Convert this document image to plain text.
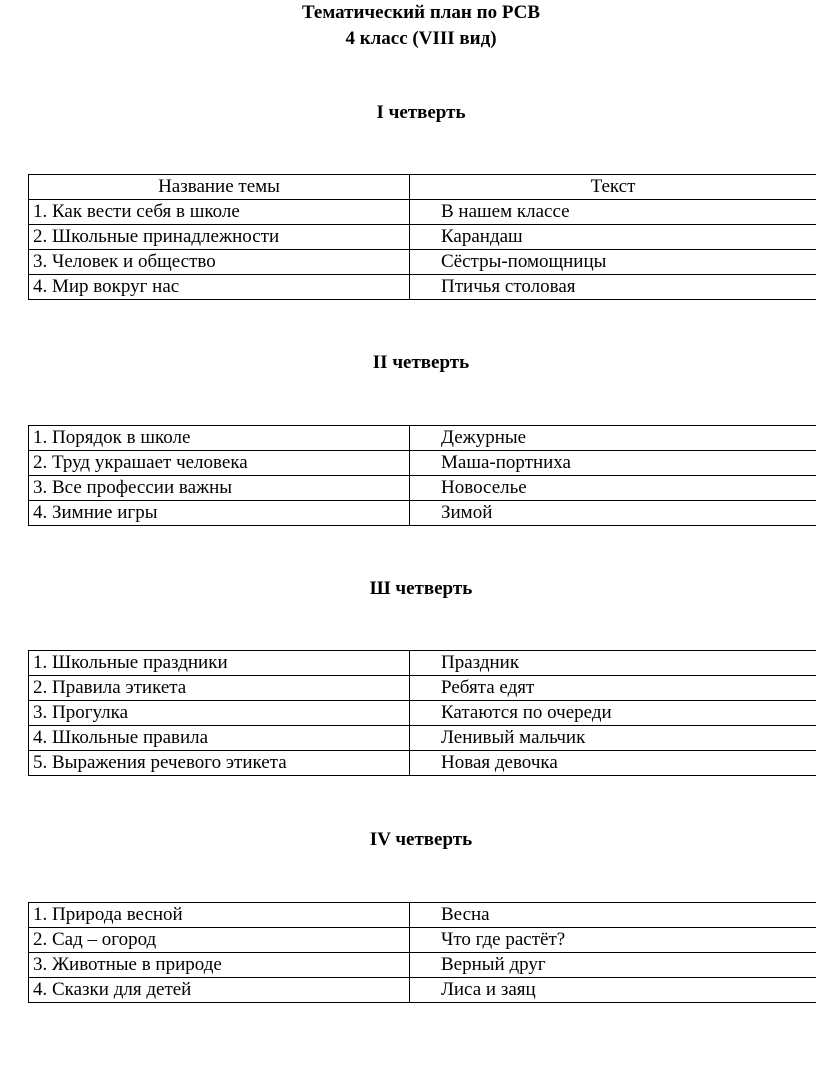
Тематический план по РСВ
4 класс (VIII вид)
I четверть
Название темы	Текст
1. Как вести себя в школе	В нашем классе
2. Школьные принадлежности	Карандаш
3. Человек и общество	Сёстры-помощницы
4. Мир вокруг нас	Птичья столовая
II четверть
1. Порядок в школе	Дежурные
2. Труд украшает человека	Маша-портниха
3. Все профессии важны	Новоселье
4. Зимние игры	Зимой
Ш четверть
1. Школьные праздники	Праздник
2. Правила этикета	Ребята едят
3. Прогулка	Катаются по очереди
4. Школьные правила	Ленивый мальчик
5. Выражения речевого этикета	Новая девочка
IV четверть
1. Природа весной	Весна
2. Сад – огород	Что где растёт?
3. Животные в природе	Верный друг
4. Сказки для детей	Лиса и заяц
